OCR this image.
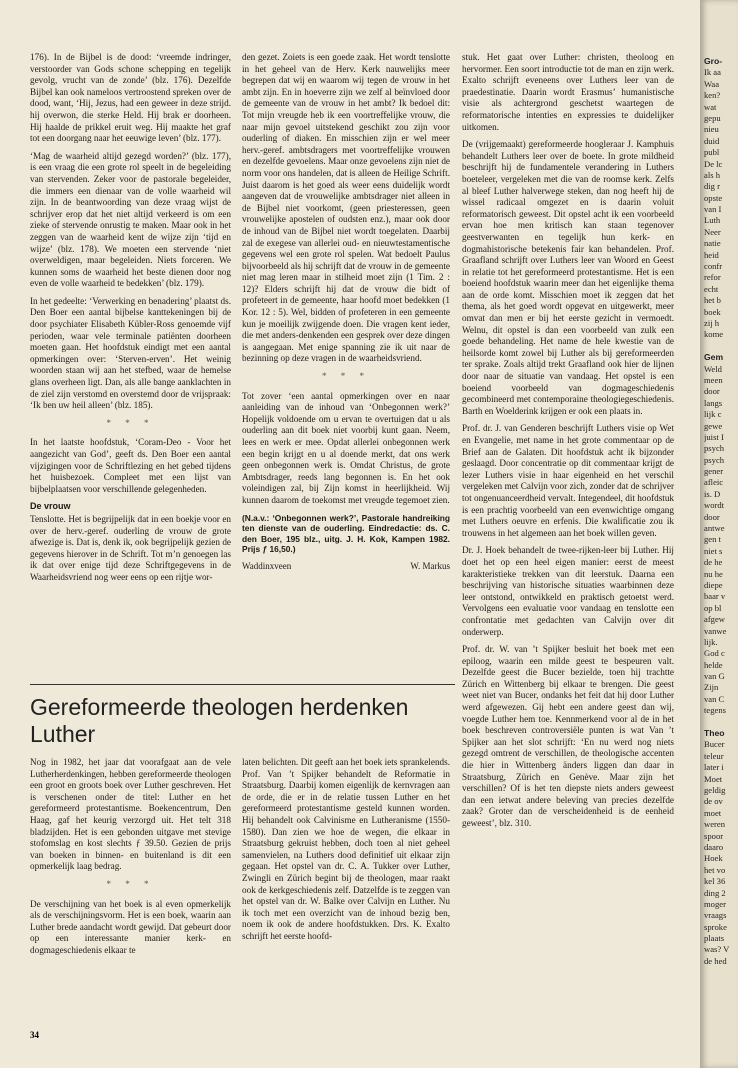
176). In de Bijbel is de dood: ‘vreemde indringer, verstoorder van Gods schone schepping en tegelijk gevolg, vrucht van de zonde’ (blz. 176). Dezelfde Bijbel kan ook nameloos vertroostend spreken over de dood, want, ‘Hij, Jezus, had een geweer in deze strijd. hij overwon, die sterke Held. Hij brak er doorheen. Hij haalde de prikkel eruit weg. Hij maakte het graf tot een doorgang naar het eeuwige leven’ (blz. 177).

‘Mag de waarheid altijd gezegd worden?’ (blz. 177), is een vraag die een grote rol speelt in de begeleiding van stervenden. Zeker voor de pastorale begeleider, die immers een dienaar van de volle waarheid wil zijn. In de beantwoording van deze vraag wijst de schrijver erop dat het niet altijd verkeerd is om een zieke of stervende onrustig te maken. Maar ook in het zeggen van de waarheid kent de wijze zijn ‘tijd en wijze’ (blz. 178). We moeten een stervende ‘niet overweldigen, maar begeleiden. Niets forceren. We kunnen soms de waarheid het beste dienen door nog even de volle waarheid te bedekken’ (blz. 179).

In het gedeelte: ‘Verwerking en benadering’ plaatst ds. Den Boer een aantal bijbelse kanttekeningen bij de door psychiater Elisabeth Kübler-Ross genoemde vijf perioden, waar vele terminale patiënten doorheen moeten gaan. Het hoofdstuk eindigt met een aantal opmerkingen over: ‘Sterven-erven’. Het weinig woorden staan wij aan het stefbed, waar de hemelse glans overheen ligt. Dan, als alle bange aanklachten in de ziel zijn verstomd en overstemd door de vrijspraak: ‘Ik ben uw heil alleen’ (blz. 185).

* * *

In het laatste hoofdstuk, ‘Coram-Deo - Voor het aangezicht van God’, geeft ds. Den Boer een aantal vijzigingen voor de Schriftlezing en het gebed tijdens het huisbezoek. Compleet met een lijst van bijbelplaatsen voor verschillende gelegenheden.

De vrouw

Tenslotte. Het is begrijpelijk dat in een boekje voor en over de herv.-geref. ouderling de vrouw de grote afwezige is. Dat is, denk ik, ook begrijpelijk gezien de gegevens hierover in de Schrift. Tot m’n genoegen las ik dat over enige tijd deze Schriftgegevens in de Waarheidsvriend nog weer eens op een rijtje wor-

den gezet. Zoiets is een goede zaak. Het wordt tenslotte in het geheel van de Herv. Kerk nauwelijks meer begrepen dat wij en waarom wij tegen de vrouw in het ambt zijn. En in hoeverre zijn we zelf al beïnvloed door de gemeente van de vrouw in het ambt? Ik bedoel dit: Tot mijn vreugde heb ik een voortreffelijke vrouw, die naar mijn gevoel uitstekend geschikt zou zijn voor ouderling of diaken. En misschien zijn er wel meer herv.-geref. ambtsdragers met voortreffelijke vrouwen en dezelfde gevoelens. Maar onze gevoelens zijn niet de norm voor ons handelen, dat is alleen de Heilige Schrift. Juist daarom is het goed als weer eens duidelijk wordt aangeven dat de vrouwelijke ambtsdrager niet alleen in de Bijbel niet voorkomt, (geen priesteressen, geen vrouwelijke apostelen of oudsten enz.), maar ook door de inhoud van de Bijbel niet wordt toegelaten. Daarbij zal de exegese van allerlei oud- en nieuwtestamentische gegevens wel een grote rol spelen. Wat bedoelt Paulus bijvoorbeeld als hij schrijft dat de vrouw in de gemeente niet mag leren maar in stilheid moet zijn (1 Tim. 2 : 12)? Elders schrijft hij dat de vrouw die bidt of profeteert in de gemeente, haar hoofd moet bedekken (1 Kor. 12 : 5). Wel, bidden of profeteren in een gemeente kun je moeilijk zwijgende doen. Die vragen kent ieder, die met anders-denkenden een gesprek over deze dingen is aangegaan. Met enige spanning zie ik uit naar de bezinning op deze vragen in de waarheidsvriend.

* * *

Tot zover ‘een aantal opmerkingen over en naar aanleiding van de inhoud van ‘Onbegonnen werk?’ Hopelijk voldoende om u ervan te overtuigen dat u als ouderling aan dit boek niet voorbij kunt gaan. Neem, lees en werk er mee. Opdat allerlei onbegonnen werk een begin krijgt en u al doende merkt, dat ons werk geen onbegonnen werk is. Omdat Christus, de grote Ambtsdrager, reeds lang begonnen is. En het ook voleindigen zal, bij Zijn komst in heerlijkheid. Wij kunnen daarom de toekomst met vreugde tegemoet zien.

(N.a.v.: ‘Onbegonnen werk?’, Pastorale handreiking ten dienste van de ouderling. Eindredactie: ds. C. den Boer, 195 blz., uitg. J. H. Kok, Kampen 1982. Prijs ƒ 16,50.)
Waddinxveen	W. Markus
Gereformeerde theologen herdenken Luther

Nog in 1982, het jaar dat voorafgaat aan de vele Lutherherdenkingen, hebben gereformeerde theologen een groot en groots boek over Luther geschreven. Het is verschenen onder de titel: Luther en het gereformeerd protestantisme. Boekencentrum, Den Haag, gaf het keurig verzorgd uit. Het telt 318 bladzijden. Het is een gebonden uitgave met stevige stofomslag en kost slechts ƒ 39.50. Gezien de prijs van boeken in binnen- en buitenland is dit een opmerkelijk laag bedrag.

* * *

De verschijning van het boek is al even opmerkelijk als de verschijningsvorm. Het is een boek, waarin aan Luther brede aandacht wordt gewijd. Dat gebeurt door op een interessante manier kerk- en dogmageschiedenis elkaar te

laten belichten. Dit geeft aan het boek iets sprankelends. Prof. Van ’t Spijker behandelt de Reformatie in Straatsburg. Daarbij komen eigenlijk de kernvragen aan de orde, die er in de relatie tussen Luther en het gereformeerd protestantisme gesteld kunnen worden. Hij behandelt ook Calvinisme en Lutheranisme (1550-1580). Dan zien we hoe de wegen, die elkaar in Straatsburg gekruist hebben, doch toen al niet geheel samenvielen, na Luthers dood definitief uit elkaar zijn gegaan. Het opstel van dr. C. A. Tukker over Luther, Zwingli en Zürich begint bij de theologen, maar raakt ook de kerkgeschiedenis zelf. Datzelfde is te zeggen van het opstel van dr. W. Balke over Calvijn en Luther. Nu ik toch met een overzicht van de inhoud bezig ben, noem ik ook de andere hoofdstukken. Drs. K. Exalto schrijft het eerste hoofd-

stuk. Het gaat over Luther: christen, theoloog en hervormer. Een soort introductie tot de man en zijn werk. Exalto schrijft eveneens over Luthers leer van de praedestinatie. Daarin wordt Erasmus’ humanistische visie als achtergrond geschetst waartegen de reformatorische intenties en expressies te duidelijker uitkomen.

De (vrijgemaakt) gereformeerde hoogleraar J. Kamphuis behandelt Luthers leer over de boete. In grote mildheid beschrijft hij de fundamentele verandering in Luthers boeteleer, vergeleken met die van de roomse kerk. Zelfs al bleef Luther halverwege steken, dan nog heeft hij de wissel radicaal omgezet en is daarin voluit reformatorisch geweest. Dit opstel acht ik een voorbeeld ervan hoe men kritisch kan staan tegenover geestverwanten en tegelijk hun kerk- en dogmahistorische betekenis fair kan behandelen. Prof. Graafland schrijft over Luthers leer van Woord en Geest in relatie tot het gereformeerd protestantisme. Het is een boeiend hoofdstuk waarin meer dan het eigenlijke thema aan de orde komt. Misschien moet ik zeggen dat het thema, als het goed wordt opgevat en uitgewerkt, meer omvat dan men er bij het eerste gezicht in vermoedt. Welnu, dit opstel is dan een voorbeeld van zulk een goede behandeling. Het name de hele kwestie van de heilsorde komt zowel bij Luther als bij gereformeerden ter sprake. Zoals altijd trekt Graafland ook hier de lijnen door naar de situatie van vandaag. Het opstel is een boeiend voorbeeld van dogmageschiedenis gecombineerd met contemporaine theologiegeschiedenis. Barth en Woelderink krijgen er ook een plaats in.

Prof. dr. J. van Genderen beschrijft Luthers visie op Wet en Evangelie, met name in het grote commentaar op de Brief aan de Galaten. Dit hoofdstuk acht ik bijzonder geslaagd. Door concentratie op dit commentaar krijgt de lezer Luthers visie in haar eigenheid en het verschil vergeleken met Calvijn voor zich, zonder dat de schrijver tot ongenuanceerdheid vervalt. Integendeel, dit hoofdstuk is een prachtig voorbeeld van een evenwichtige omgang met Luthers oeuvre en erfenis. Die kwalificatie zou ik trouwens in het algemeen aan het boek willen geven.

Dr. J. Hoek behandelt de twee-rijken-leer bij Luther. Hij doet het op een heel eigen manier: eerst de meest karakteristieke trekken van dit leerstuk. Daarna een beschrijving van historische situaties waarbinnen deze leer ontstond, ontwikkeld en praktisch getoetst werd. Vervolgens een evaluatie voor vandaag en tenslotte een confrontatie met gedachten van Calvijn over dit onderwerp.

Prof. dr. W. van ’t Spijker besluit het boek met een epiloog, waarin een milde geest te bespeuren valt. Dezelfde geest die Bucer bezielde, toen hij trachtte Zürich en Wittenberg bij elkaar te brengen. Die geest weet niet van Bucer, ondanks het feit dat hij door Luther werd afgewezen. Gij hebt een andere geest dan wij, voegde Luther hem toe. Kennmerkend voor al de in het boek beschreven controversiële punten is wat Van ’t Spijker aan het slot schrijft: ‘En nu werd nog niets gezegd omtrent de verschillen, de theologische accenten die hier in Wittenberg änders liggen dan daar in Straatsburg, Zürich en Genève. Maar zijn het verschillen? Of is het ten diepste niets anders geweest dan een ietwat andere beleving van precies dezelfde zaak? Groter dan de verscheidenheid is de eenheid geweest’, blz. 310.

34
Gro-
Ik aa
Waa
ken?
wat
gepu
nieu
duid
publ
De lc
als h
dig r
opste
van I
Luth
Neer
natie
heid
confr
refor
echt
het b
boek
zij h
kome
Gem
Weld
meen
door
langs
lijk c
gewe
juist I
psych
psych
gener
afleic
is. D
wordt
door
antwe
gen t
niet s
de he
nu he
diepe
baar v
op bl
afgew
vanwe
lijk.
God c
helde
van G
Zijn
van C
tegens
Theo
Bucer
teleur
later i
Moet
geldig
de ov
moet
weren
spoor
daaro
Hoek
het vo
kel 36
ding 2
moger
vraags
sproke
plaats
was? V
de hed
